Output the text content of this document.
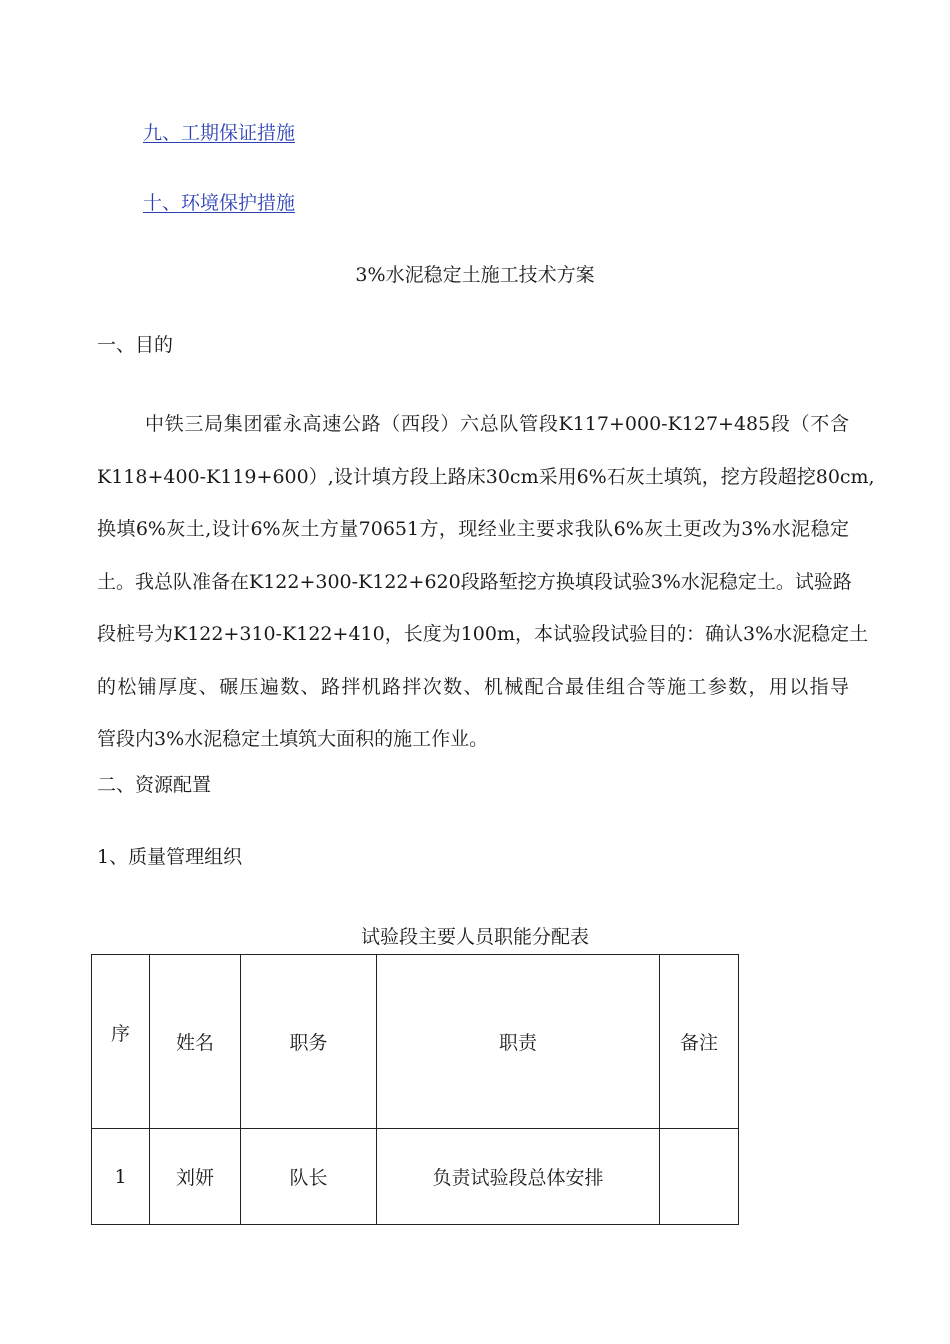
九、工期保证措施
十、环境保护措施
3%水泥稳定土施工技术方案
一、目的
中铁三局集团霍永高速公路（西段）六总队管段K117+000-K127+485段（不含
K118+400-K119+600）,设计填方段上路床30cm采用6%石灰土填筑，挖方段超挖80cm,
换填6%灰土,设计6%灰土方量70651方，现经业主要求我队6%灰土更改为3%水泥稳定
土。我总队准备在K122+300-K122+620段路堑挖方换填段试验3%水泥稳定土。试验路
段桩号为K122+310-K122+410，长度为100m，本试验段试验目的：确认3%水泥稳定土
的松铺厚度、碾压遍数、路拌机路拌次数、机械配合最佳组合等施工参数，用以指导
管段内3%水泥稳定土填筑大面积的施工作业。
二、资源配置
1、质量管理组织
试验段主要人员职能分配表
序	姓名	职务	职责	备注
1	刘妍	队长	负责试验段总体安排	
